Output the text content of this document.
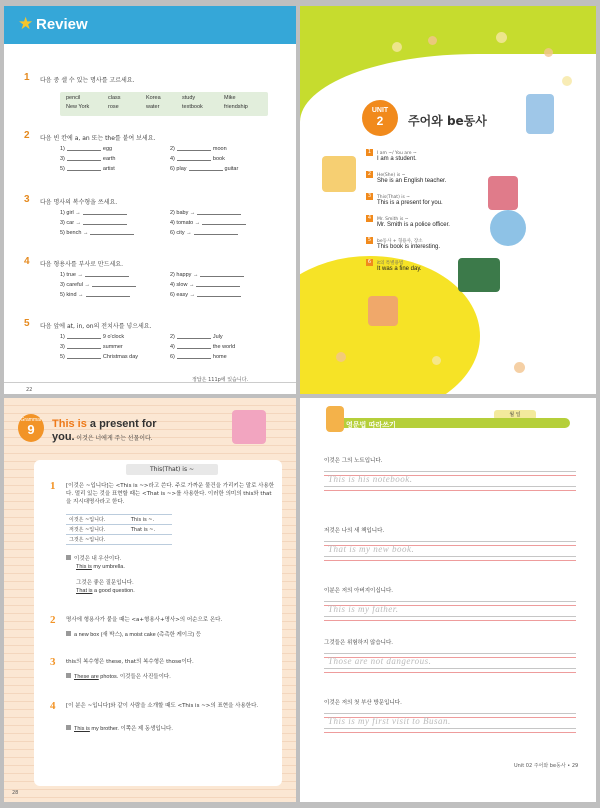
★ Review
1 다음 중 셀 수 있는 명사를 고르세요.
pencil	class	Korea	study	Mike
New York	rose	water	textbook	friendship
2 다음 빈 칸에 a, an 또는 the를 붙여 보세요.
1)	egg	2)	moon
3)	earth	4)	book
5)	artist	6) play	guitar
3 다음 명사의 복수형을 쓰세요.
1) girl →	2) baby →
3) car →	4) tomato →
5) bench →	6) city →
4 다음 형용사를 부사로 만드세요.
1) true →	2) happy →
3) careful →	4) slow →
5) kind →	6) easy →
5 다음 앞에 at, in, on의 전치사를 넣으세요.
1)	9 o'clock	2)	July
3)	summer	4)	the world
5)	Christmas day	6)	home
22
정답은 111p에 있습니다.
UNIT
2	주어와 be동사
1 I am ~/ You are ~
I am a student.
2 He(She) is ~
She is an English teacher.
3 This(That) is ~
This is a present for you.
4 Mr. Smith is ~
Mr. Smith is a police officer.
5 be동사 + 형용사, 장소
This book is interesting.
6 it의 특별용법
It was a fine day.
Grammar
9	This is a present for
you. 이것은 너에게 주는 선물이다.
This(That) is ~
1 [이것은 ~입니다]는 <This is ~>라고 쓴다. 주로 가까운 물건을 가리키는 말로 사용한다. 멀리 있는 것을 표현할 때는 <That is ~>를 사용한다. 이러한 의미의 this와 that을 지시대명사라고 한다.
이것은 ~입니다.	This is ~.
저것은 ~입니다.	That is ~.
그것은 ~입니다.	
이것은 내 우산이다.
This is my umbrella.
그것은 좋은 질문입니다.
That is a good question.
2 명사에 형용사가 붙을 때는 <a+형용사+명사>의 어순으로 온다.
a new box (새 박스), a moist cake (촉촉한 케이크) 등
3 this의 복수형은 these, that의 복수형은 those이다.
These are photos. 이것들은 사진들이다.
4 [이 분은 ~입니다]와 같이 사람을 소개할 때도 <This is ~>의 표현을 사용한다.
This is my brother. 이쪽은 제 동생입니다.
28
월 일
영문법 따라쓰기
이것은 그의 노트입니다.
This is his notebook.
저것은 나의 새 책입니다.
That is my new book.
이분은 저의 아버지이십니다.
This is my father.
그것들은 위험하지 않습니다.
Those are not dangerous.
이것은 저의 첫 부산 방문입니다.
This is my first visit to Busan.
Unit 02 주어와 be동사 • 29
